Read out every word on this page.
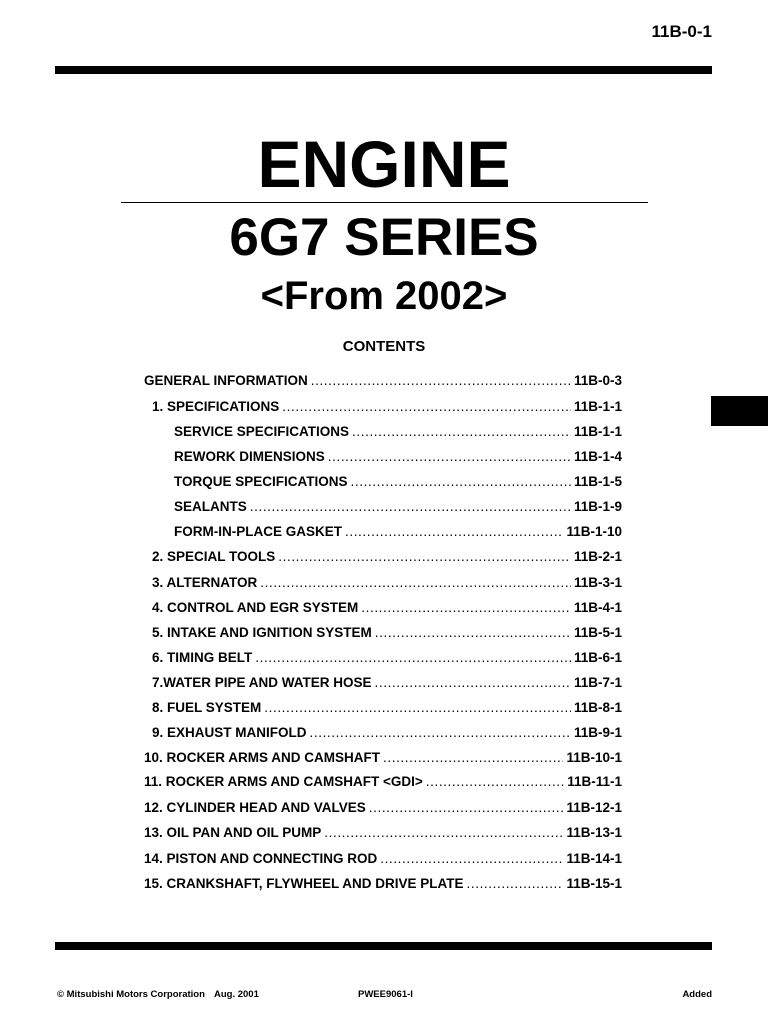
11B-0-1
ENGINE
6G7 SERIES
<From 2002>
CONTENTS
GENERAL INFORMATION .....	11B-0-3
1. SPECIFICATIONS .....	11B-1-1
SERVICE SPECIFICATIONS .....	11B-1-1
REWORK DIMENSIONS .....	11B-1-4
TORQUE SPECIFICATIONS .....	11B-1-5
SEALANTS .....	11B-1-9
FORM-IN-PLACE GASKET .....	11B-1-10
2. SPECIAL TOOLS .....	11B-2-1
3. ALTERNATOR .....	11B-3-1
4. CONTROL AND EGR SYSTEM .....	11B-4-1
5. INTAKE AND IGNITION SYSTEM .....	11B-5-1
6. TIMING BELT .....	11B-6-1
7.WATER PIPE AND WATER HOSE .....	11B-7-1
8. FUEL SYSTEM .....	11B-8-1
9. EXHAUST MANIFOLD .....	11B-9-1
10. ROCKER ARMS AND CAMSHAFT .....	11B-10-1
11. ROCKER ARMS AND CAMSHAFT <GDI> .....	11B-11-1
12. CYLINDER HEAD AND VALVES .....	11B-12-1
13. OIL PAN AND OIL PUMP .....	11B-13-1
14. PISTON AND CONNECTING ROD .....	11B-14-1
15. CRANKSHAFT, FLYWHEEL AND DRIVE PLATE .....	11B-15-1
© Mitsubishi Motors Corporation Aug. 2001	PWEE9061-I	Added
